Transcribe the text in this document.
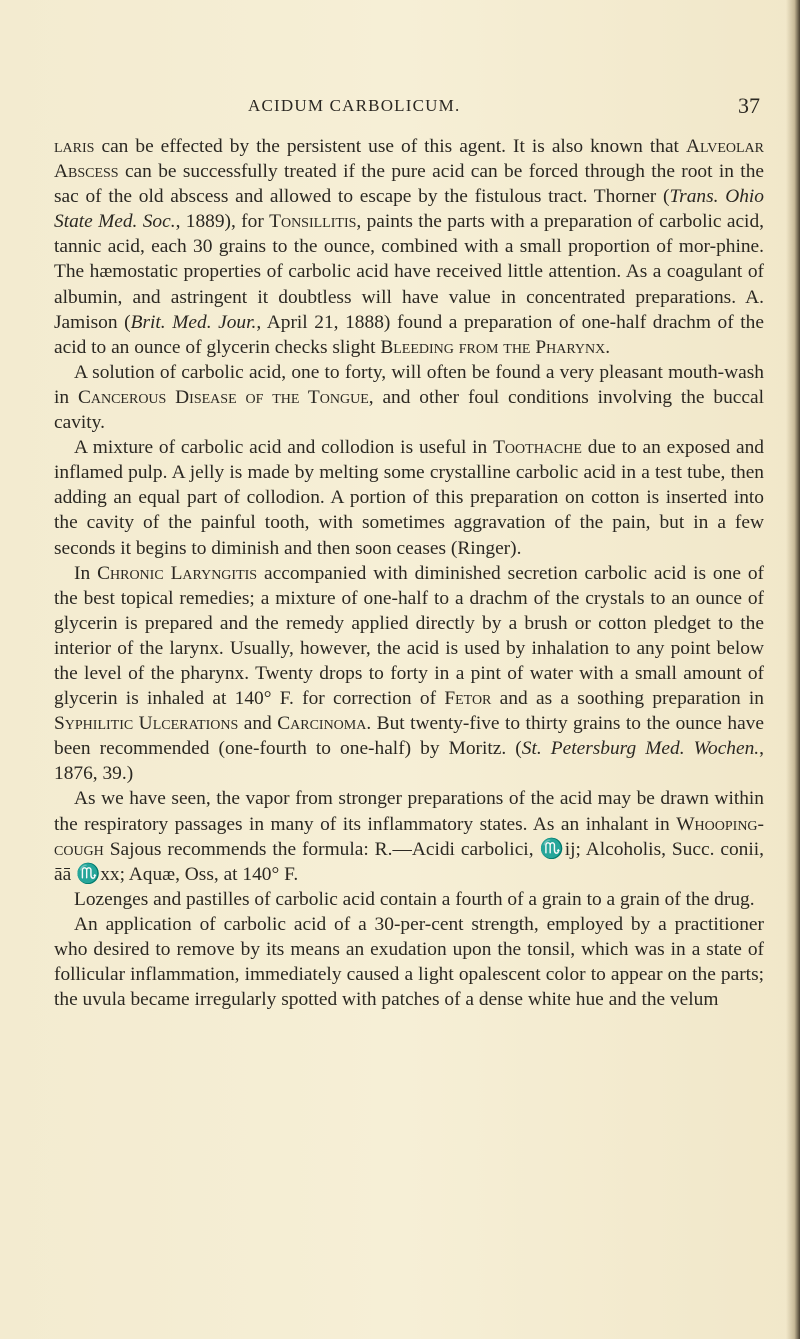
ACIDUM CARBOLICUM.	37

laris can be effected by the persistent use of this agent. It is also known that Alveolar Abscess can be successfully treated if the pure acid can be forced through the root in the sac of the old abscess and allowed to escape by the fistulous tract. Thorner (Trans. Ohio State Med. Soc., 1889), for Tonsillitis, paints the parts with a preparation of carbolic acid, tannic acid, each 30 grains to the ounce, combined with a small proportion of mor-phine. The hæmostatic properties of carbolic acid have received little attention. As a coagulant of albumin, and astringent it doubtless will have value in concentrated preparations. A. Jamison (Brit. Med. Jour., April 21, 1888) found a preparation of one-half drachm of the acid to an ounce of glycerin checks slight Bleeding from the Pharynx.

A solution of carbolic acid, one to forty, will often be found a very pleasant mouth-wash in Cancerous Disease of the Tongue, and other foul conditions involving the buccal cavity.

A mixture of carbolic acid and collodion is useful in Toothache due to an exposed and inflamed pulp. A jelly is made by melting some crystalline carbolic acid in a test tube, then adding an equal part of collodion. A portion of this preparation on cotton is inserted into the cavity of the painful tooth, with sometimes aggravation of the pain, but in a few seconds it begins to diminish and then soon ceases (Ringer).

In Chronic Laryngitis accompanied with diminished secretion carbolic acid is one of the best topical remedies; a mixture of one-half to a drachm of the crystals to an ounce of glycerin is prepared and the remedy applied directly by a brush or cotton pledget to the interior of the larynx. Usually, however, the acid is used by inhalation to any point below the level of the pharynx. Twenty drops to forty in a pint of water with a small amount of glycerin is inhaled at 140° F. for correction of Fetor and as a soothing preparation in Syphilitic Ulcerations and Carcinoma. But twenty-five to thirty grains to the ounce have been recommended (one-fourth to one-half) by Moritz. (St. Petersburg Med. Wochen., 1876, 39.)

As we have seen, the vapor from stronger preparations of the acid may be drawn within the respiratory passages in many of its inflammatory states. As an inhalant in Whooping-cough Sajous recommends the formula: R.—Acidi carbolici, ♏ij; Alcoholis, Succ. conii, āā ♏xx; Aquæ, Oss, at 140° F.

Lozenges and pastilles of carbolic acid contain a fourth of a grain to a grain of the drug.

An application of carbolic acid of a 30-per-cent strength, employed by a practitioner who desired to remove by its means an exudation upon the tonsil, which was in a state of follicular inflammation, immediately caused a light opalescent color to appear on the parts; the uvula became irregularly spotted with patches of a dense white hue and the velum
